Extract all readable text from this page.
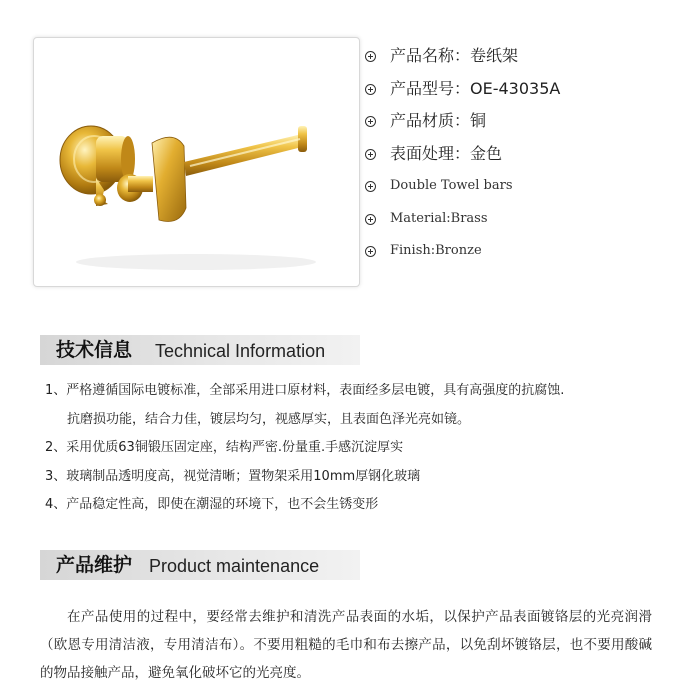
产品名称：卷纸架
产品型号：OE-43035A
产品材质：铜
表面处理：金色
Double Towel bars
Material:Brass
Finish:Bronze
技术信息 Technical Information
1、严格遵循国际电镀标准，全部采用进口原材料，表面经多层电镀，具有高强度的抗腐蚀.
抗磨损功能，结合力佳，镀层均匀，视感厚实，且表面色泽光亮如镜。
2、采用优质63铜锻压固定座，结构严密.份量重.手感沉淀厚实
3、玻璃制品透明度高，视觉清晰；置物架采用10mm厚钢化玻璃
4、产品稳定性高，即使在潮湿的环境下，也不会生锈变形
产品维护 Product maintenance
在产品使用的过程中，要经常去维护和清洗产品表面的水垢，以保护产品表面镀铬层的光亮润滑（欧恩专用清洁液，专用清洁布）。不要用粗糙的毛巾和布去擦产品，以免刮坏镀铬层，也不要用酸碱的物品接触产品，避免氧化破坏它的光亮度。
